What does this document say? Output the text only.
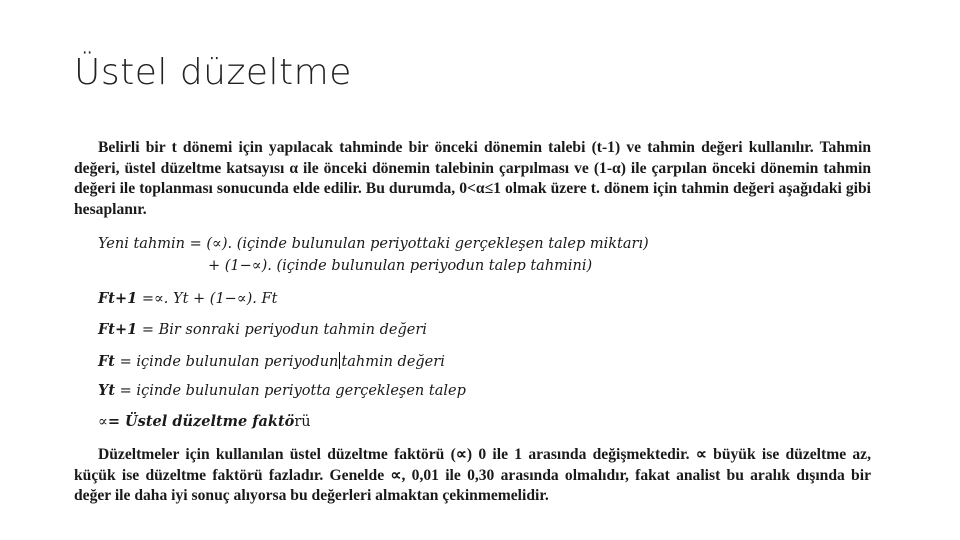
Üstel düzeltme
Belirli bir t dönemi için yapılacak tahminde bir önceki dönemin talebi (t-1) ve tahmin değeri kullanılır. Tahmin değeri, üstel düzeltme katsayısı α ile önceki dönemin talebinin çarpılması ve (1-α) ile çarpılan önceki dönemin tahmin değeri ile toplanması sonucunda elde edilir. Bu durumda, 0<α≤1 olmak üzere t. dönem için tahmin değeri aşağıdaki gibi hesaplanır.
Yeni tahmin = (∝). (içinde bulunulan periyottaki gerçekleşen talep miktarı)
+ (1−∝). (içinde bulunulan periyodun talep tahmini)
Ft+1 =∝. Yt + (1−∝). Ft
Ft+1 = Bir sonraki periyodun tahmin değeri
Ft = içinde bulunulan periyodun tahmin değeri
Yt = içinde bulunulan periyotta gerçekleşen talep
∝= Üstel düzeltme faktörü
Düzeltmeler için kullanılan üstel düzeltme faktörü (∝) 0 ile 1 arasında değişmektedir. ∝ büyük ise düzeltme az, küçük ise düzeltme faktörü fazladır. Genelde ∝, 0,01 ile 0,30 arasında olmalıdır, fakat analist bu aralık dışında bir değer ile daha iyi sonuç alıyorsa bu değerleri almaktan çekinmemelidir.
